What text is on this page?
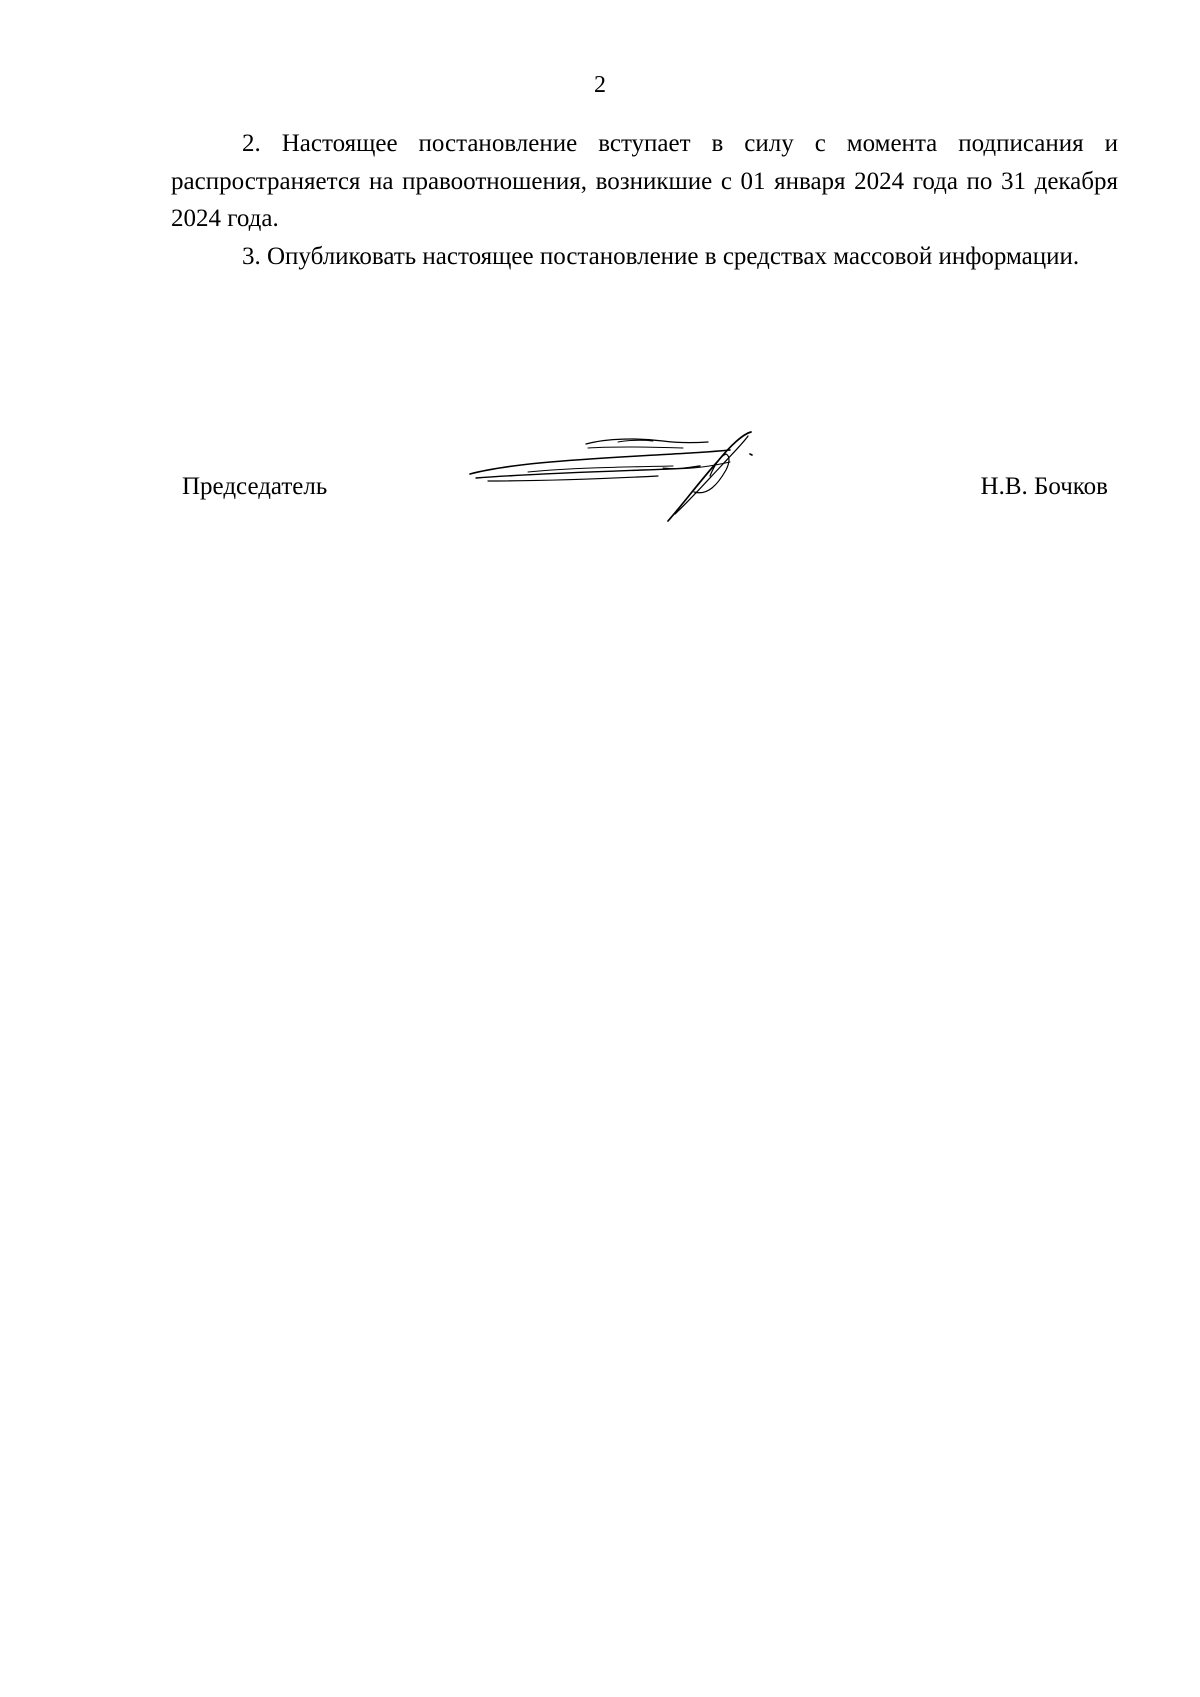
2

2. Настоящее постановление вступает в силу с момента подписания и распространяется на правоотношения, возникшие с 01 января 2024 года по 31 декабря 2024 года.

3. Опубликовать настоящее постановление в средствах массовой информации.

Председатель	Н.В. Бочков
